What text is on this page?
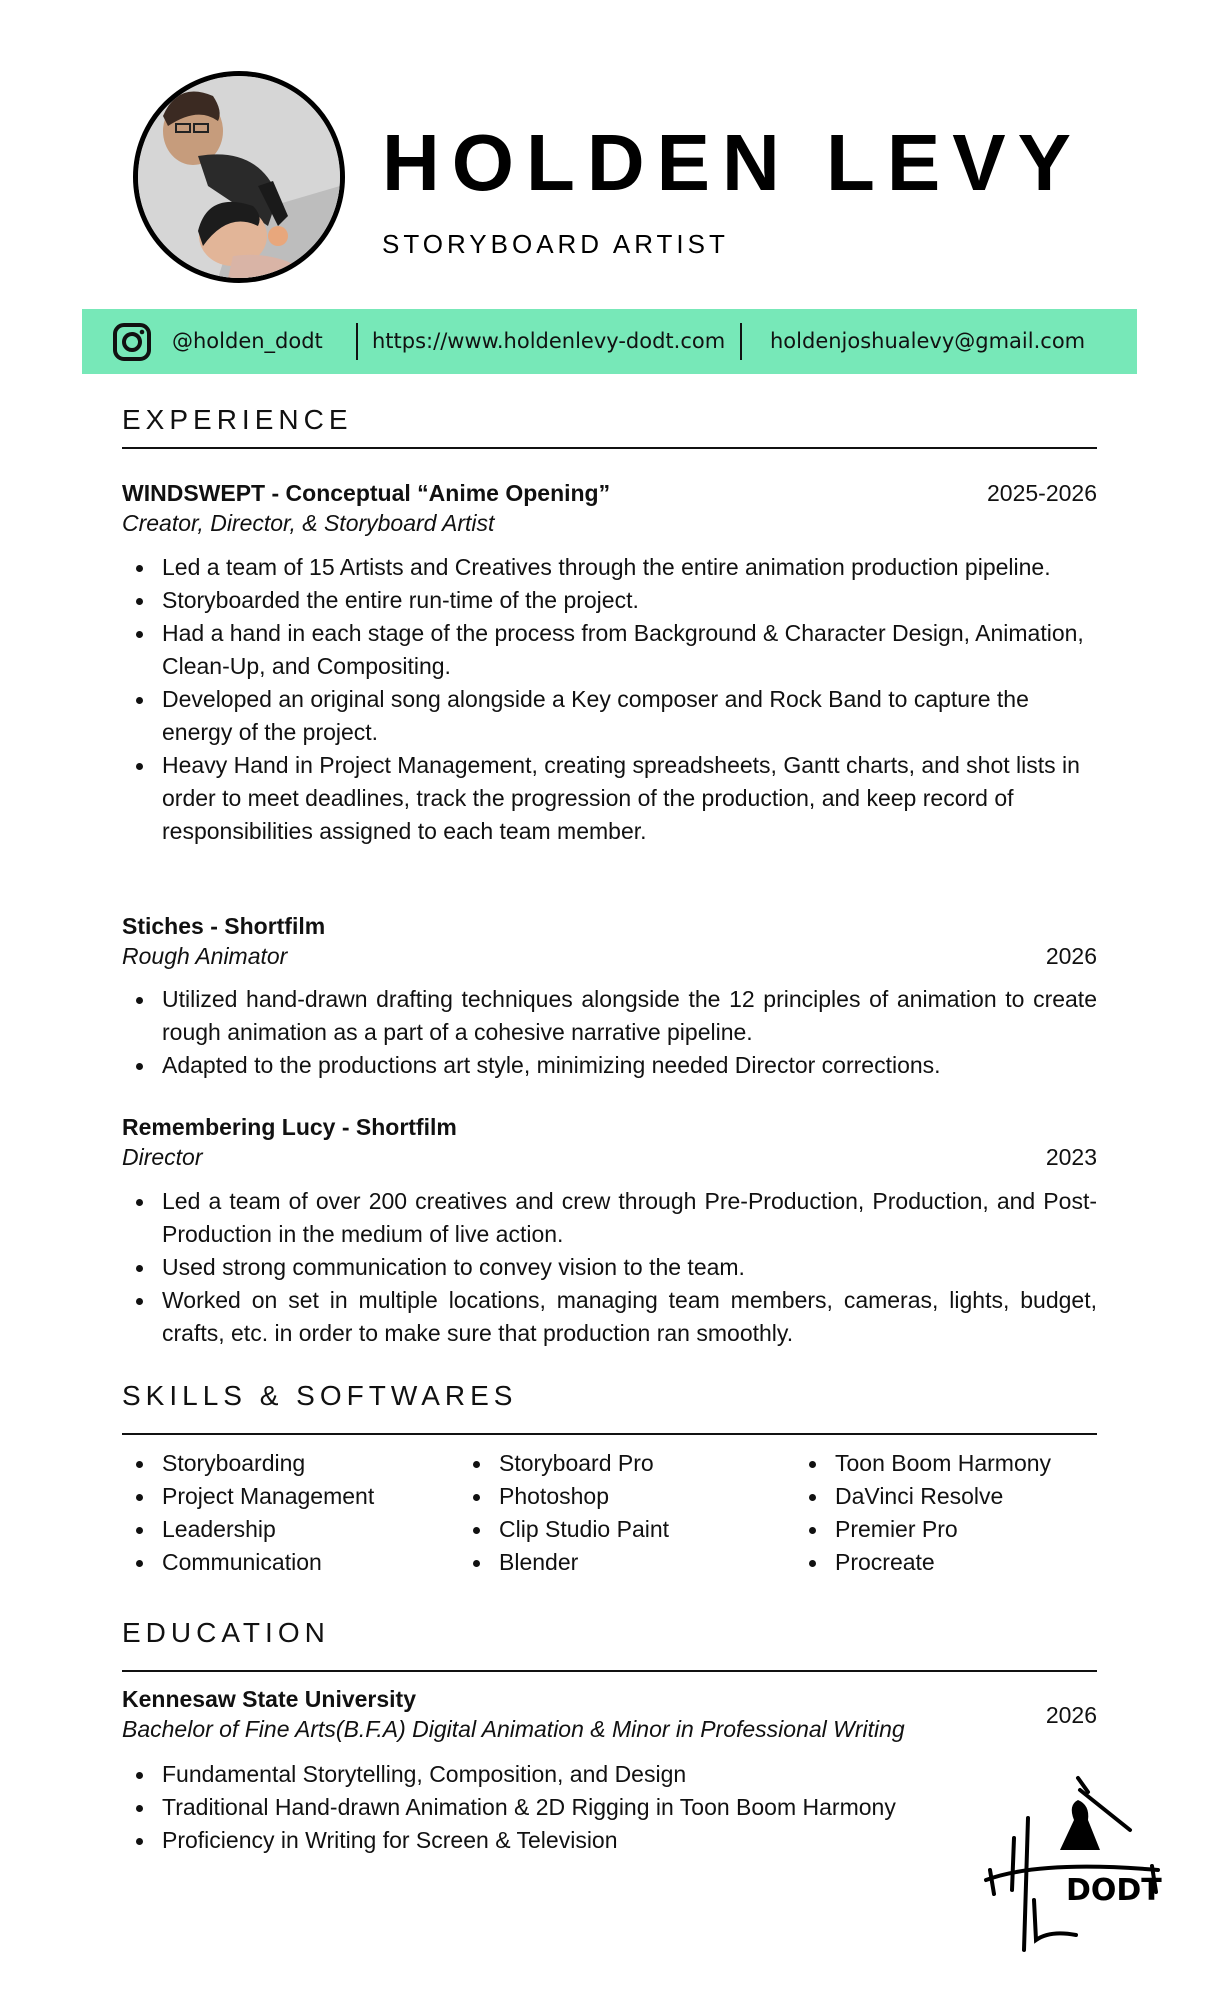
HOLDEN LEVY
STORYBOARD ARTIST
@holden_dodt https://www.holdenlevy-dodt.com holdenjoshualevy@gmail.com
EXPERIENCE
WINDSWEPT - Conceptual “Anime Opening”	2025-2026
Creator, Director, & Storyboard Artist
Led a team of 15 Artists and Creatives through the entire animation production pipeline.
Storyboarded the entire run-time of the project.
Had a hand in each stage of the process from Background & Character Design, Animation, Clean-Up, and Compositing.
Developed an original song alongside a Key composer and Rock Band to capture the energy of the project.
Heavy Hand in Project Management, creating spreadsheets, Gantt charts, and shot lists in order to meet deadlines, track the progression of the production, and keep record of responsibilities assigned to each team member.
Stiches - Shortfilm
Rough Animator	2026
Utilized hand-drawn drafting techniques alongside the 12 principles of animation to create rough animation as a part of a cohesive narrative pipeline.
Adapted to the productions art style, minimizing needed Director corrections.
Remembering Lucy - Shortfilm
Director	2023
Led a team of over 200 creatives and crew through Pre-Production, Production, and Post-Production in the medium of live action.
Used strong communication to convey vision to the team.
Worked on set in multiple locations, managing team members, cameras, lights, budget, crafts, etc. in order to make sure that production ran smoothly.
SKILLS & SOFTWARES
Storyboarding
Project Management
Leadership
Communication
Storyboard Pro
Photoshop
Clip Studio Paint
Blender
Toon Boom Harmony
DaVinci Resolve
Premier Pro
Procreate
EDUCATION
Kennesaw State University
Bachelor of Fine Arts(B.F.A) Digital Animation & Minor in Professional Writing
2026
Fundamental Storytelling, Composition, and Design
Traditional Hand-drawn Animation & 2D Rigging in Toon Boom Harmony
Proficiency in Writing for Screen & Television
DODT
